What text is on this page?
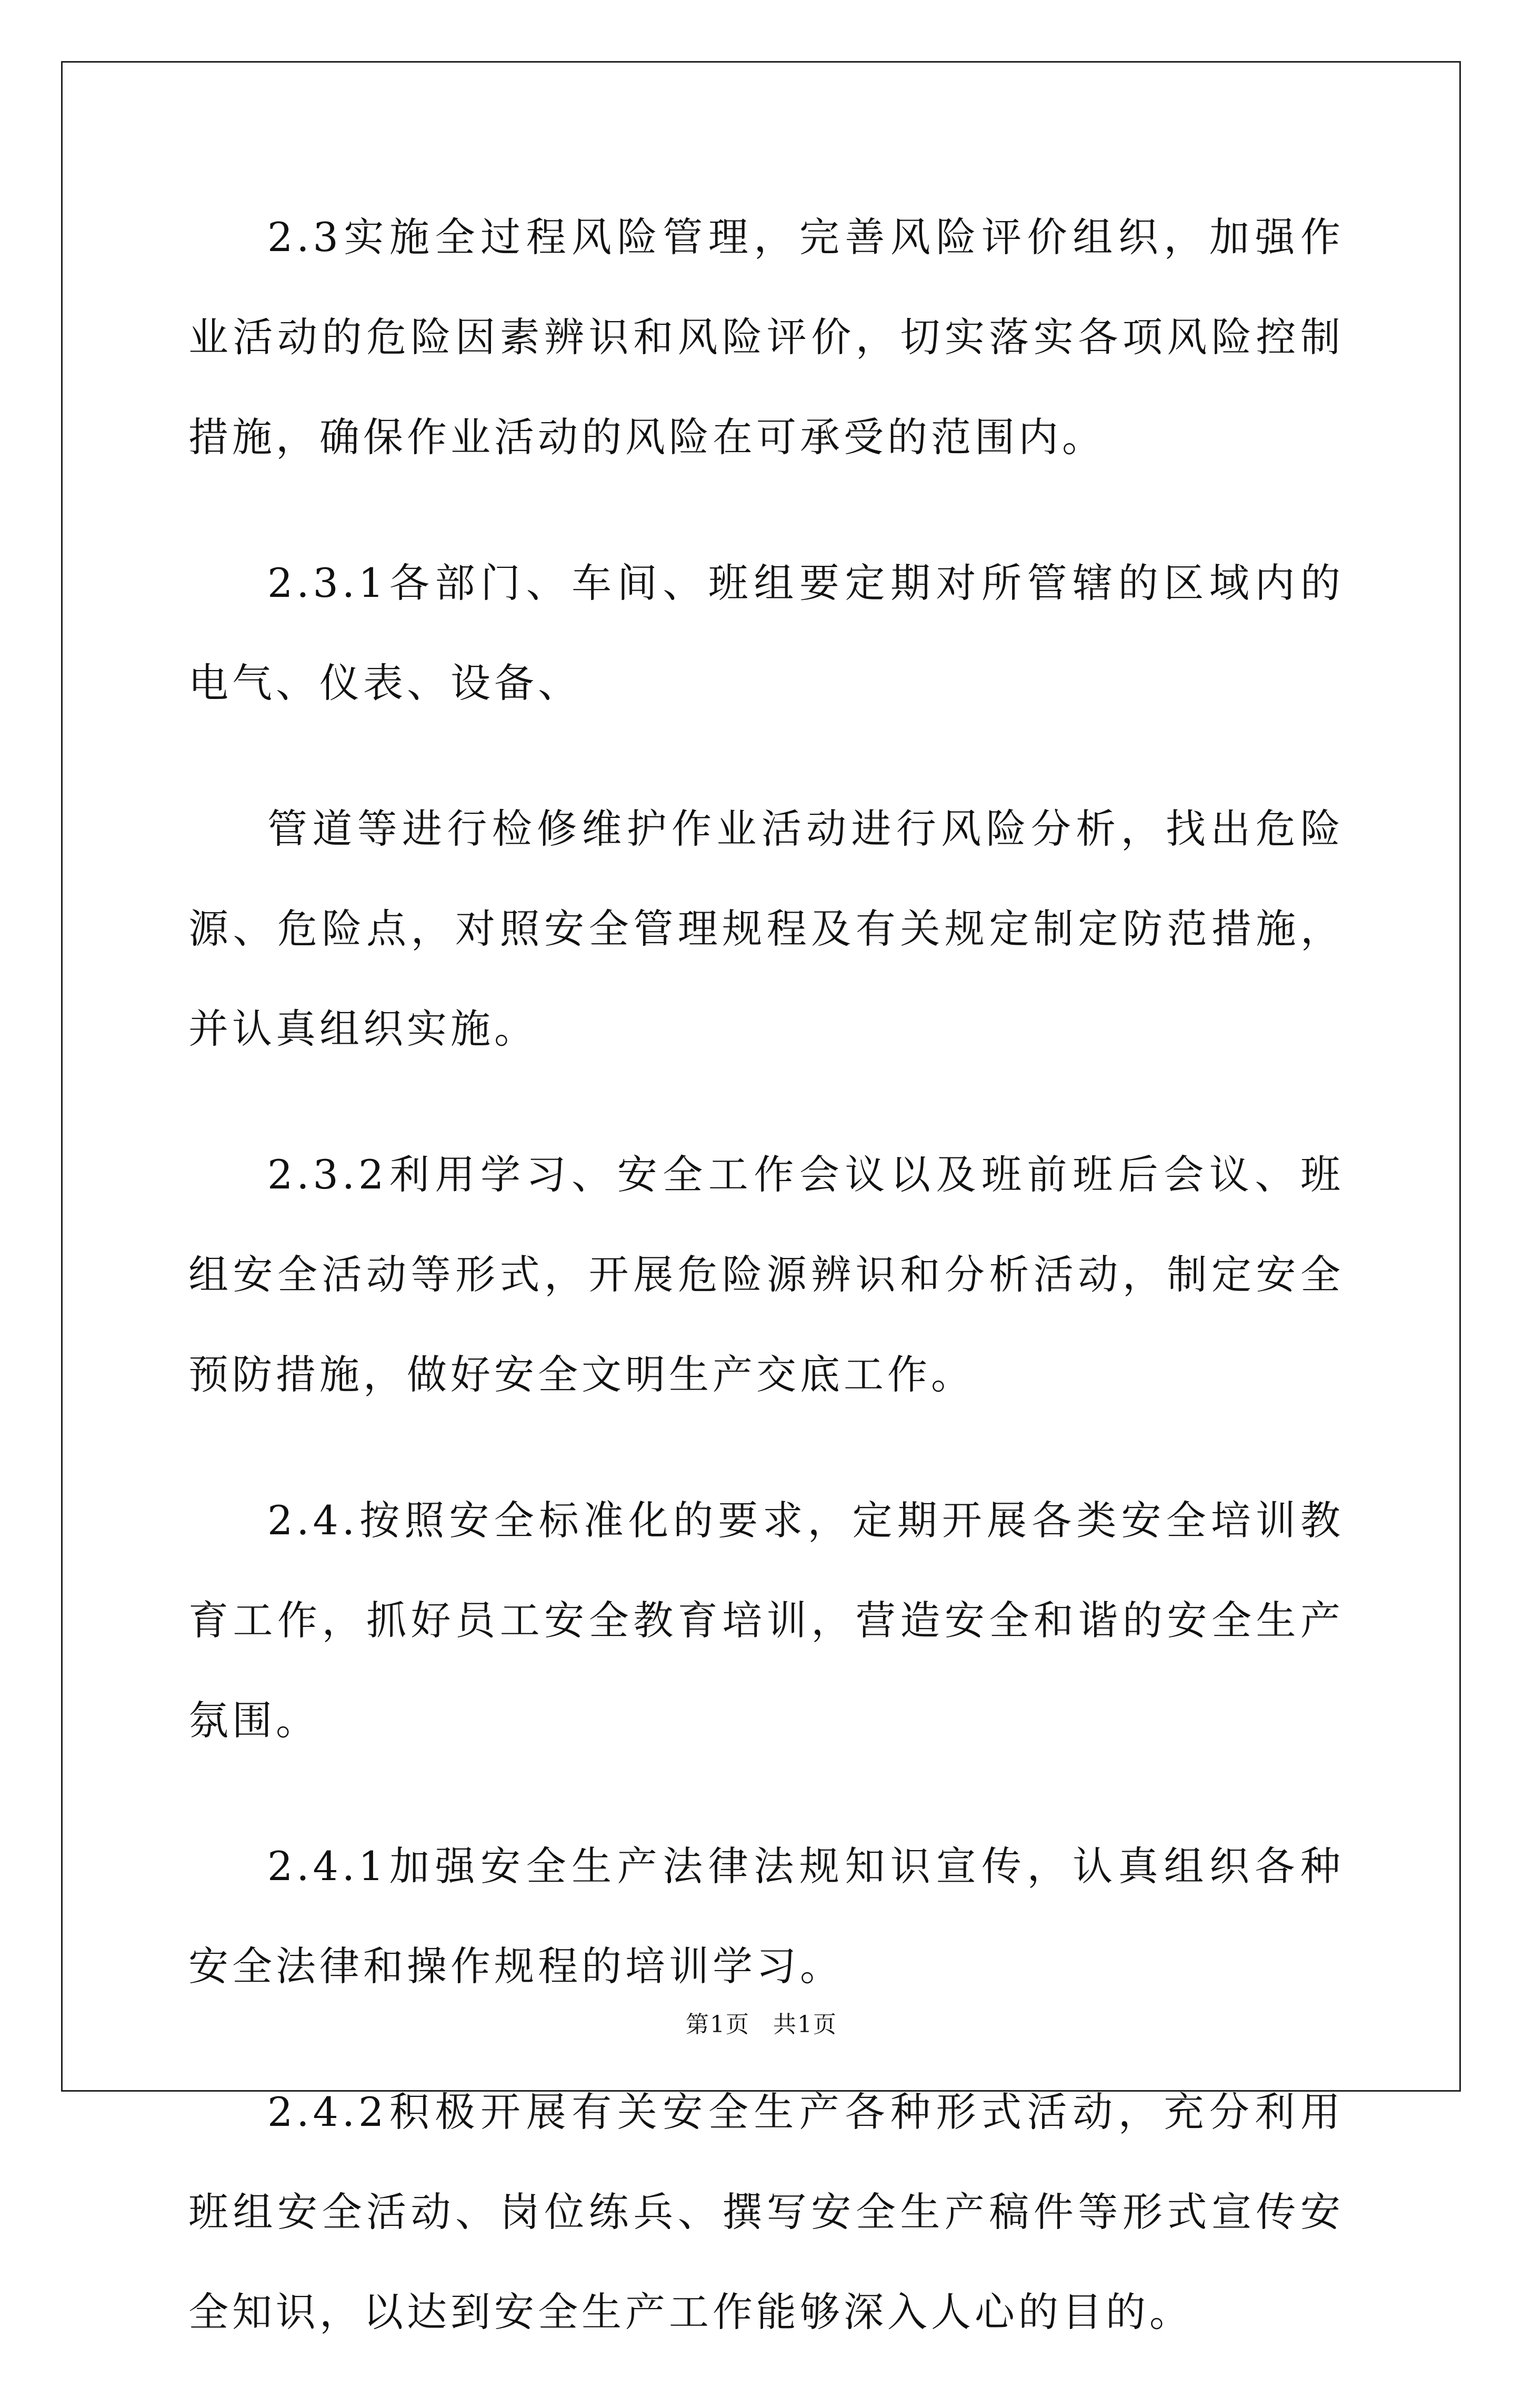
2.3实施全过程风险管理，完善风险评价组织，加强作业活动的危险因素辨识和风险评价，切实落实各项风险控制措施，确保作业活动的风险在可承受的范围内。

2.3.1各部门、车间、班组要定期对所管辖的区域内的电气、仪表、设备、

管道等进行检修维护作业活动进行风险分析，找出危险源、危险点，对照安全管理规程及有关规定制定防范措施，并认真组织实施。

2.3.2利用学习、安全工作会议以及班前班后会议、班组安全活动等形式，开展危险源辨识和分析活动，制定安全预防措施，做好安全文明生产交底工作。

2.4.按照安全标准化的要求，定期开展各类安全培训教育工作，抓好员工安全教育培训，营造安全和谐的安全生产氛围。

2.4.1加强安全生产法律法规知识宣传，认真组织各种安全法律和操作规程的培训学习。

2.4.2积极开展有关安全生产各种形式活动，充分利用班组安全活动、岗位练兵、撰写安全生产稿件等形式宣传安全知识，以达到安全生产工作能够深入人心的目的。

第1页 共1页
